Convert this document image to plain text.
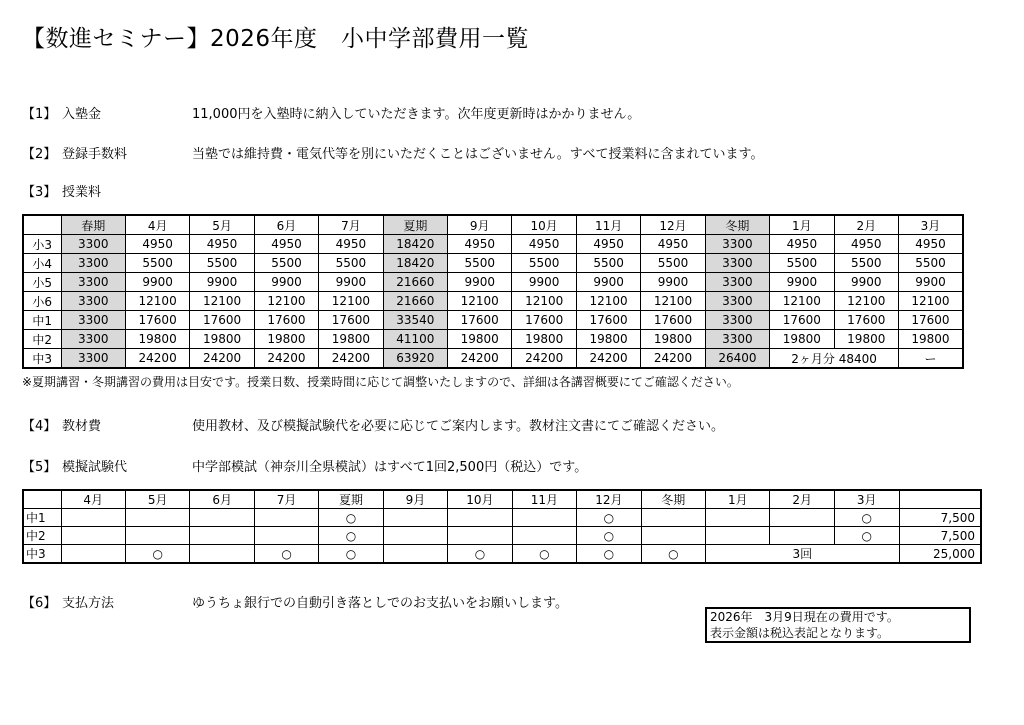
【数進セミナー】2026年度　小中学部費用一覧
【1】 入塾金	11,000円を入塾時に納入していただきます。次年度更新時はかかりません。
【2】 登録手数料	当塾では維持費・電気代等を別にいただくことはございません。すべて授業料に含まれています。
【3】 授業料
	春期	4月	5月	6月	7月	夏期	9月	10月	11月	12月	冬期	1月	2月	3月
小3	3300	4950	4950	4950	4950	18420	4950	4950	4950	4950	3300	4950	4950	4950
小4	3300	5500	5500	5500	5500	18420	5500	5500	5500	5500	3300	5500	5500	5500
小5	3300	9900	9900	9900	9900	21660	9900	9900	9900	9900	3300	9900	9900	9900
小6	3300	12100	12100	12100	12100	21660	12100	12100	12100	12100	3300	12100	12100	12100
中1	3300	17600	17600	17600	17600	33540	17600	17600	17600	17600	3300	17600	17600	17600
中2	3300	19800	19800	19800	19800	41100	19800	19800	19800	19800	3300	19800	19800	19800
中3	3300	24200	24200	24200	24200	63920	24200	24200	24200	24200	26400	2ヶ月分 48400		ー
※夏期講習・冬期講習の費用は目安です。授業日数、授業時間に応じて調整いたしますので、詳細は各講習概要にてご確認ください。
【4】 教材費	使用教材、及び模擬試験代を必要に応じてご案内します。教材注文書にてご確認ください。
【5】 模擬試験代	中学部模試（神奈川全県模試）はすべて1回2,500円（税込）です。
	4月	5月	6月	7月	夏期	9月	10月	11月	12月	冬期	1月	2月	3月	
中1					○				○				○	7,500
中2					○				○				○	7,500
中3		○		○	○		○	○	○	○	3回			25,000
【6】 支払方法	ゆうちょ銀行での自動引き落としでのお支払いをお願いします。
2026年　3月9日現在の費用です。
表示金額は税込表記となります。
